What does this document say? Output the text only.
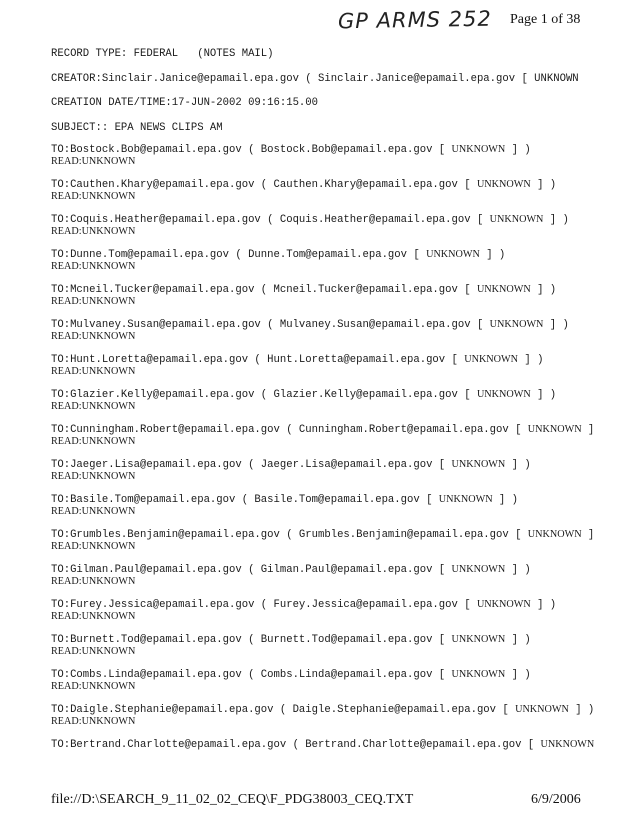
GP ARMS 252 Page 1 of 38
RECORD TYPE: FEDERAL   (NOTES MAIL)
CREATOR:Sinclair.Janice@epamail.epa.gov ( Sinclair.Janice@epamail.epa.gov [ UNKNOWN
CREATION DATE/TIME:17-JUN-2002 09:16:15.00
SUBJECT:: EPA NEWS CLIPS AM
TO:Bostock.Bob@epamail.epa.gov ( Bostock.Bob@epamail.epa.gov [ UNKNOWN ] )
READ:UNKNOWN
TO:Cauthen.Khary@epamail.epa.gov ( Cauthen.Khary@epamail.epa.gov [ UNKNOWN ] )
READ:UNKNOWN
TO:Coquis.Heather@epamail.epa.gov ( Coquis.Heather@epamail.epa.gov [ UNKNOWN ] )
READ:UNKNOWN
TO:Dunne.Tom@epamail.epa.gov ( Dunne.Tom@epamail.epa.gov [ UNKNOWN ] )
READ:UNKNOWN
TO:Mcneil.Tucker@epamail.epa.gov ( Mcneil.Tucker@epamail.epa.gov [ UNKNOWN ] )
READ:UNKNOWN
TO:Mulvaney.Susan@epamail.epa.gov ( Mulvaney.Susan@epamail.epa.gov [ UNKNOWN ] )
READ:UNKNOWN
TO:Hunt.Loretta@epamail.epa.gov ( Hunt.Loretta@epamail.epa.gov [ UNKNOWN ] )
READ:UNKNOWN
TO:Glazier.Kelly@epamail.epa.gov ( Glazier.Kelly@epamail.epa.gov [ UNKNOWN ] )
READ:UNKNOWN
TO:Cunningham.Robert@epamail.epa.gov ( Cunningham.Robert@epamail.epa.gov [ UNKNOWN ]
READ:UNKNOWN
TO:Jaeger.Lisa@epamail.epa.gov ( Jaeger.Lisa@epamail.epa.gov [ UNKNOWN ] )
READ:UNKNOWN
TO:Basile.Tom@epamail.epa.gov ( Basile.Tom@epamail.epa.gov [ UNKNOWN ] )
READ:UNKNOWN
TO:Grumbles.Benjamin@epamail.epa.gov ( Grumbles.Benjamin@epamail.epa.gov [ UNKNOWN ]
READ:UNKNOWN
TO:Gilman.Paul@epamail.epa.gov ( Gilman.Paul@epamail.epa.gov [ UNKNOWN ] )
READ:UNKNOWN
TO:Furey.Jessica@epamail.epa.gov ( Furey.Jessica@epamail.epa.gov [ UNKNOWN ] )
READ:UNKNOWN
TO:Burnett.Tod@epamail.epa.gov ( Burnett.Tod@epamail.epa.gov [ UNKNOWN ] )
READ:UNKNOWN
TO:Combs.Linda@epamail.epa.gov ( Combs.Linda@epamail.epa.gov [ UNKNOWN ] )
READ:UNKNOWN
TO:Daigle.Stephanie@epamail.epa.gov ( Daigle.Stephanie@epamail.epa.gov [ UNKNOWN ] )
READ:UNKNOWN
TO:Bertrand.Charlotte@epamail.epa.gov ( Bertrand.Charlotte@epamail.epa.gov [ UNKNOWN
file://D:\SEARCH_9_11_02_02_CEQ\F_PDG38003_CEQ.TXT	6/9/2006
